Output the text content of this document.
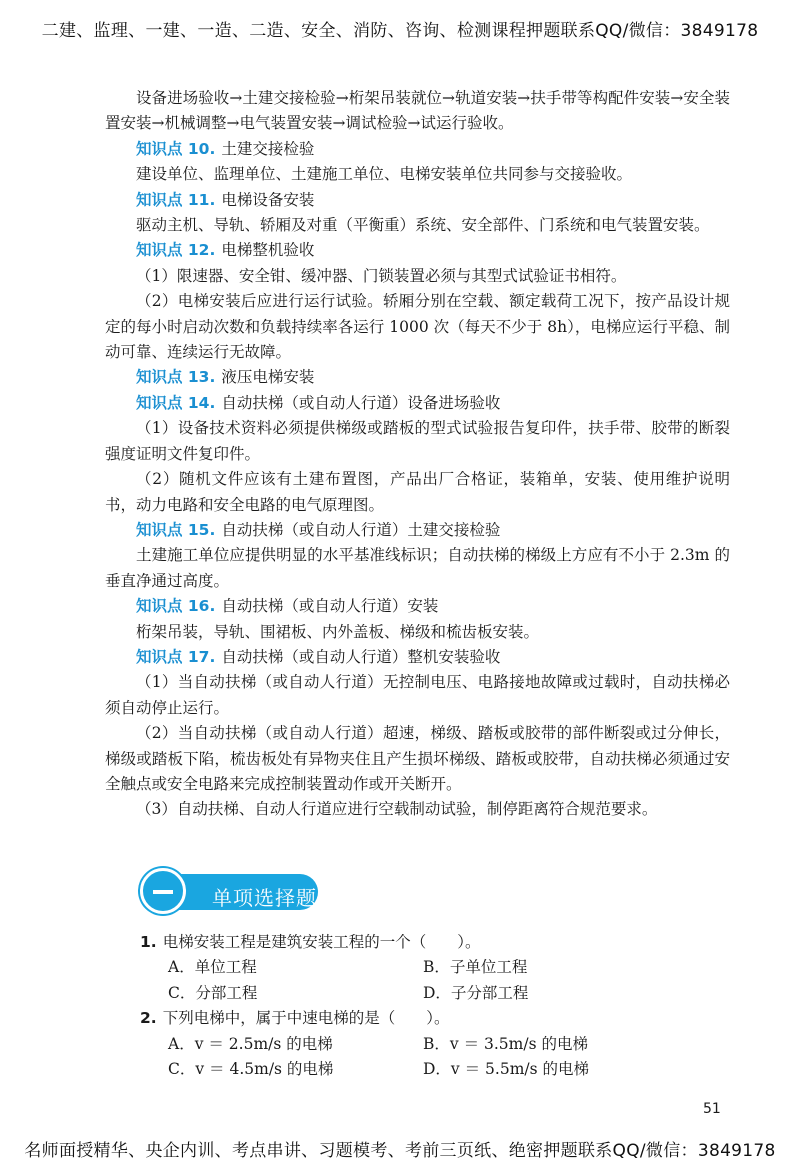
二建、监理、一建、一造、二造、安全、消防、咨询、检测课程押题联系QQ/微信：3849178

设备进场验收→土建交接检验→桁架吊装就位→轨道安装→扶手带等构配件安装→安全装置安装→机械调整→电气装置安装→调试检验→试运行验收。

知识点 10. 土建交接检验

建设单位、监理单位、土建施工单位、电梯安装单位共同参与交接验收。

知识点 11. 电梯设备安装

驱动主机、导轨、轿厢及对重（平衡重）系统、安全部件、门系统和电气装置安装。

知识点 12. 电梯整机验收

（1）限速器、安全钳、缓冲器、门锁装置必须与其型式试验证书相符。

（2）电梯安装后应进行运行试验。轿厢分别在空载、额定载荷工况下，按产品设计规定的每小时启动次数和负载持续率各运行 1000 次（每天不少于 8h），电梯应运行平稳、制动可靠、连续运行无故障。

知识点 13. 液压电梯安装

知识点 14. 自动扶梯（或自动人行道）设备进场验收

（1）设备技术资料必须提供梯级或踏板的型式试验报告复印件，扶手带、胶带的断裂强度证明文件复印件。

（2）随机文件应该有土建布置图，产品出厂合格证，装箱单，安装、使用维护说明书，动力电路和安全电路的电气原理图。

知识点 15. 自动扶梯（或自动人行道）土建交接检验

土建施工单位应提供明显的水平基准线标识；自动扶梯的梯级上方应有不小于 2.3m 的垂直净通过高度。

知识点 16. 自动扶梯（或自动人行道）安装

桁架吊装，导轨、围裙板、内外盖板、梯级和梳齿板安装。

知识点 17. 自动扶梯（或自动人行道）整机安装验收

（1）当自动扶梯（或自动人行道）无控制电压、电路接地故障或过载时，自动扶梯必须自动停止运行。

（2）当自动扶梯（或自动人行道）超速，梯级、踏板或胶带的部件断裂或过分伸长，梯级或踏板下陷，梳齿板处有异物夹住且产生损坏梯级、踏板或胶带，自动扶梯必须通过安全触点或安全电路来完成控制装置动作或开关断开。

（3）自动扶梯、自动人行道应进行空载制动试验，制停距离符合规范要求。

单项选择题

1. 电梯安装工程是建筑安装工程的一个（　　）。

A．单位工程	B．子单位工程
C．分部工程	D．子分部工程

2. 下列电梯中，属于中速电梯的是（　　）。

A．v ＝ 2.5m/s 的电梯	B．v ＝ 3.5m/s 的电梯
C．v ＝ 4.5m/s 的电梯	D．v ＝ 5.5m/s 的电梯
51
名师面授精华、央企内训、考点串讲、习题模考、考前三页纸、绝密押题联系QQ/微信：3849178
